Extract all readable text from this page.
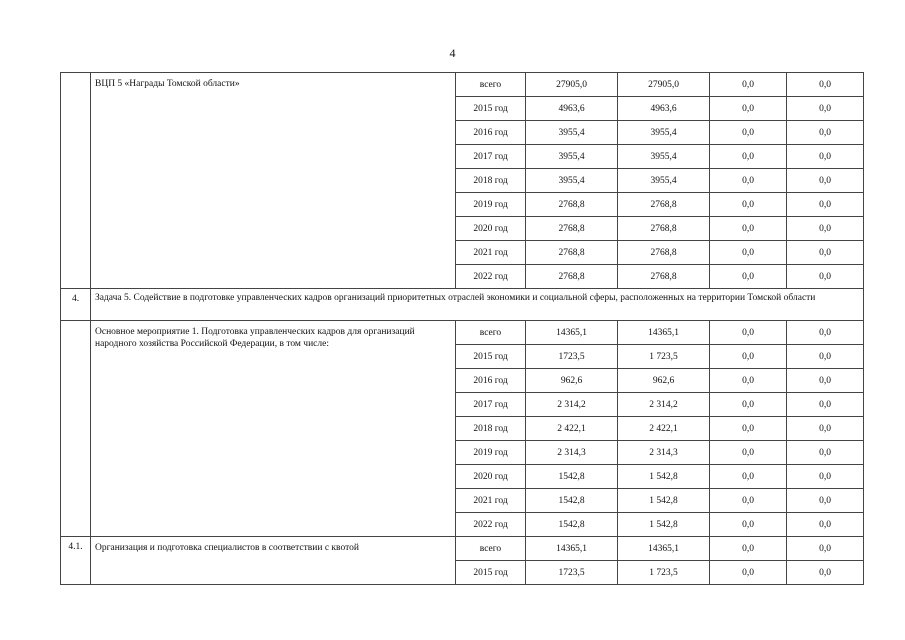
4
	ВЦП 5 «Награды Томской области»	всего	27905,0	27905,0	0,0	0,0
		2015 год	4963,6	4963,6	0,0	0,0
		2016 год	3955,4	3955,4	0,0	0,0
		2017 год	3955,4	3955,4	0,0	0,0
		2018 год	3955,4	3955,4	0,0	0,0
		2019 год	2768,8	2768,8	0,0	0,0
		2020 год	2768,8	2768,8	0,0	0,0
		2021 год	2768,8	2768,8	0,0	0,0
		2022 год	2768,8	2768,8	0,0	0,0
4.	Задача 5. Содействие в подготовке управленческих кадров организаций приоритетных отраслей экономики и социальной сферы, расположенных на территории Томской области					
	Основное мероприятие 1. Подготовка управленческих кадров для организаций народного хозяйства Российской Федерации, в том числе:	всего	14365,1	14365,1	0,0	0,0
		2015 год	1723,5	1 723,5	0,0	0,0
		2016 год	962,6	962,6	0,0	0,0
		2017 год	2 314,2	2 314,2	0,0	0,0
		2018 год	2 422,1	2 422,1	0,0	0,0
		2019 год	2 314,3	2 314,3	0,0	0,0
		2020 год	1542,8	1 542,8	0,0	0,0
		2021 год	1542,8	1 542,8	0,0	0,0
		2022 год	1542,8	1 542,8	0,0	0,0
4.1.	Организация и подготовка специалистов в соответствии с квотой	всего	14365,1	14365,1	0,0	0,0
		2015 год	1723,5	1 723,5	0,0	0,0
